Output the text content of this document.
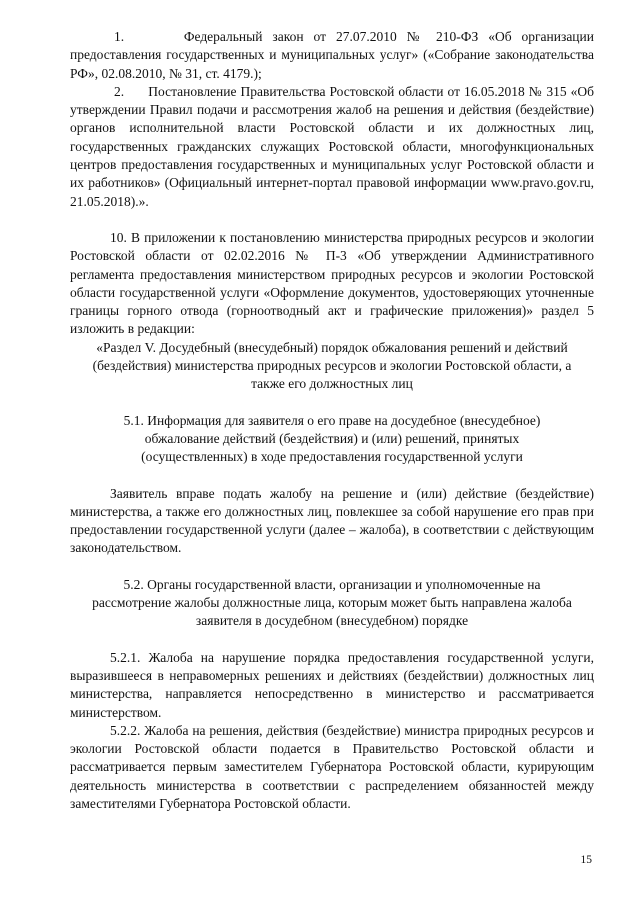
1.      Федеральный закон от 27.07.2010 № 210-ФЗ «Об организации предоставления государственных и муниципальных услуг» («Собрание законодательства РФ», 02.08.2010, № 31, ст. 4179.);

2.      Постановление Правительства Ростовской области от 16.05.2018 № 315 «Об утверждении Правил подачи и рассмотрения жалоб на решения и действия (бездействие) органов исполнительной власти Ростовской области и их должностных лиц, государственных гражданских служащих Ростовской области, многофункциональных центров предоставления государственных и муниципальных услуг Ростовской области и их работников» (Официальный интернет-портал правовой информации www.pravo.gov.ru, 21.05.2018).».

10. В приложении к постановлению министерства природных ресурсов и экологии Ростовской области от 02.02.2016 № П-3 «Об утверждении Административного регламента предоставления министерством природных ресурсов и экологии Ростовской области государственной услуги «Оформление документов, удостоверяющих уточненные границы горного отвода (горноотводный акт и графические приложения)» раздел 5 изложить в редакции:

«Раздел V. Досудебный (внесудебный) порядок обжалования решений и действий (бездействия) министерства природных ресурсов и экологии Ростовской области, а также его должностных лиц

5.1. Информация для заявителя о его праве на досудебное (внесудебное) обжалование действий (бездействия) и (или) решений, принятых (осуществленных) в ходе предоставления государственной услуги

Заявитель вправе подать жалобу на решение и (или) действие (бездействие) министерства, а также его должностных лиц, повлекшее за собой нарушение его прав при предоставлении государственной услуги (далее – жалоба), в соответствии с действующим законодательством.

5.2. Органы государственной власти, организации и уполномоченные на рассмотрение жалобы должностные лица, которым может быть направлена жалоба заявителя в досудебном (внесудебном) порядке

5.2.1. Жалоба на нарушение порядка предоставления государственной услуги, выразившееся в неправомерных решениях и действиях (бездействии) должностных лиц министерства, направляется непосредственно в министерство и рассматривается министерством.

5.2.2. Жалоба на решения, действия (бездействие) министра природных ресурсов и экологии Ростовской области подается в Правительство Ростовской области и рассматривается первым заместителем Губернатора Ростовской области, курирующим деятельность министерства в соответствии с распределением обязанностей между заместителями Губернатора Ростовской области.

15
